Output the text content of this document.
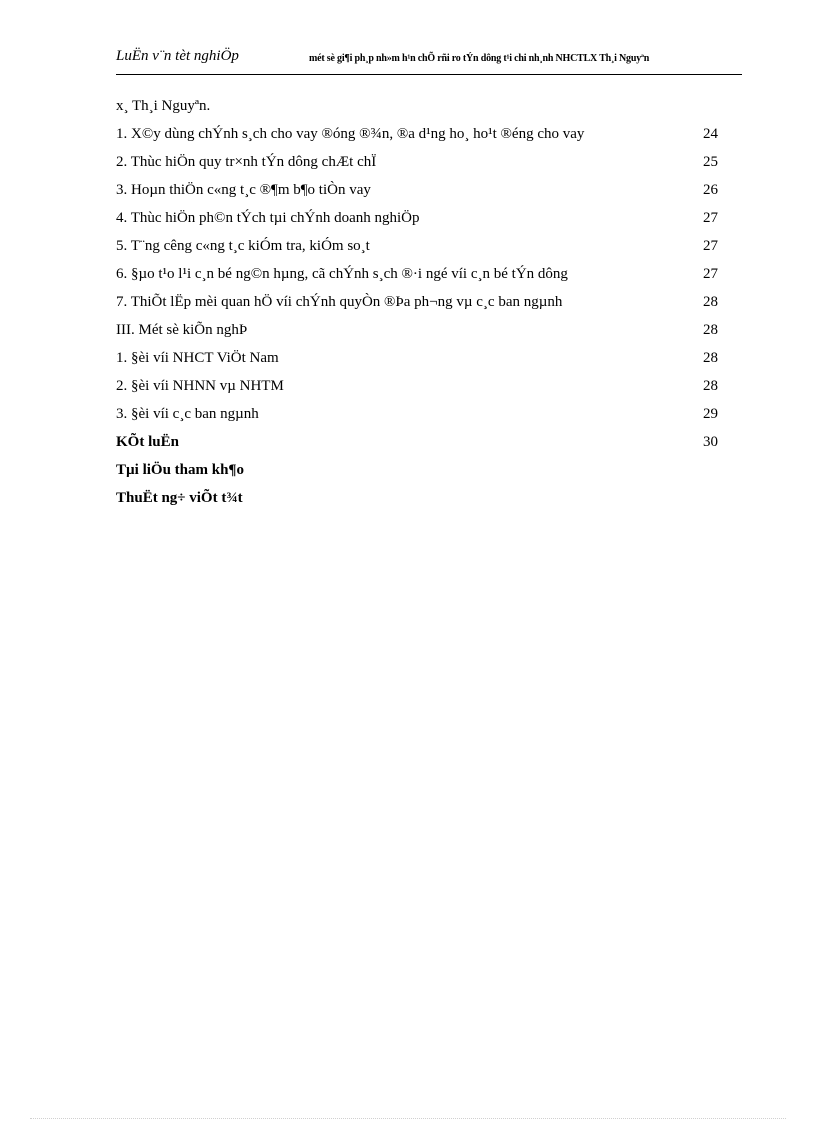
LuËn v¨n tèt nghiÖp	mét sè gi¶i ph¸p nh»m h¹n chÕ rñi ro tÝn dông t¹i chi nh¸nh NHCTLX Th¸i Nguyªn
x¸ Th¸i Nguyªn.
1. X©y dùng chÝnh s¸ch cho vay ®óng ®¾n, ®a d¹ng ho¸ ho¹t ®éng cho vay	24
2. Thùc hiÖn quy tr×nh tÝn dông chÆt chÏ	25
3. Hoµn thiÖn c«ng t¸c ®¶m b¶o tiÒn vay	26
4. Thùc hiÖn ph©n tÝch tµi chÝnh doanh nghiÖp	27
5. T¨ng cêng c«ng t¸c kiÓm tra, kiÓm so¸t	27
6. §µo t¹o l¹i c¸n bé ng©n hµng, cã chÝnh s¸ch ®·i ngé víi c¸n bé tÝn dông	27
7. ThiÕt lËp mèi quan hÖ víi chÝnh quyÒn ®Þa ph¬ng vµ c¸c ban ngµnh	28
III. Mét sè kiÕn nghÞ	28
1. §èi víi NHCT ViÖt Nam	28
2. §èi víi NHNN vµ NHTM	28
3. §èi víi c¸c ban ngµnh	29
KÕt luËn	30
Tµi liÖu tham kh¶o
ThuËt ng÷ viÕt t¾t
